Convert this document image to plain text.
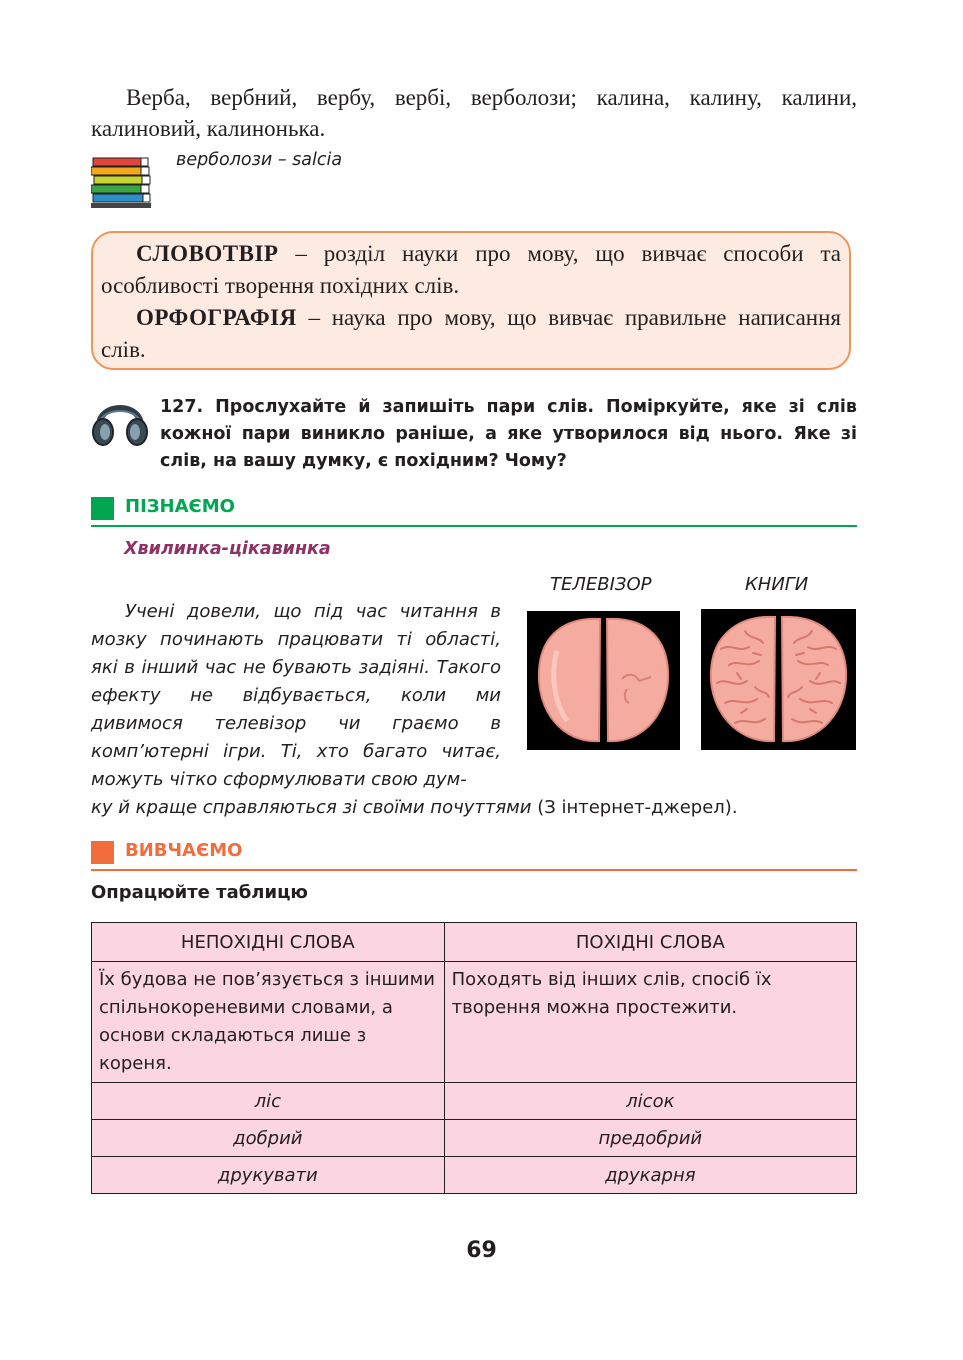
Верба, вербний, вербу, вербі, верболози; калина, калину, калини, калиновий, калинонька.
верболози – salcia

СЛОВОТВІР – розділ науки про мову, що вивчає способи та особливості творення похідних слів.

ОРФОГРАФІЯ – наука про мову, що вивчає правильне написання слів.

127. Прослухайте й запишіть пари слів. Поміркуйте, яке зі слів кожної пари виникло раніше, а яке утворилося від нього. Яке зі слів, на вашу думку, є похідним? Чому?
ПІЗНАЄМО
Хвилинка-цікавинка
ТЕЛЕВІЗОР	КНИГИ
Учені довели, що під час читання в мозку починають працювати ті області, які в інший час не бувають задіяні. Такого ефекту не відбувається, коли ми дивимося телевізор чи граємо в комп’ютерні ігри. Ті, хто багато читає, можуть чітко сформулювати свою дум-
ку й краще справляються зі своїми почуттями (З інтернет-джерел).
ВИВЧАЄМО
Опрацюйте таблицю
НЕПОХІДНІ СЛОВА	ПОХІДНІ СЛОВА
Їх будова не пов’язується з іншими спільнокореневими словами, а основи складаються лише з кореня.	Походять від інших слів, спосіб їх творення можна простежити.
ліс	лісок
добрий	предобрий
друкувати	друкарня
69
